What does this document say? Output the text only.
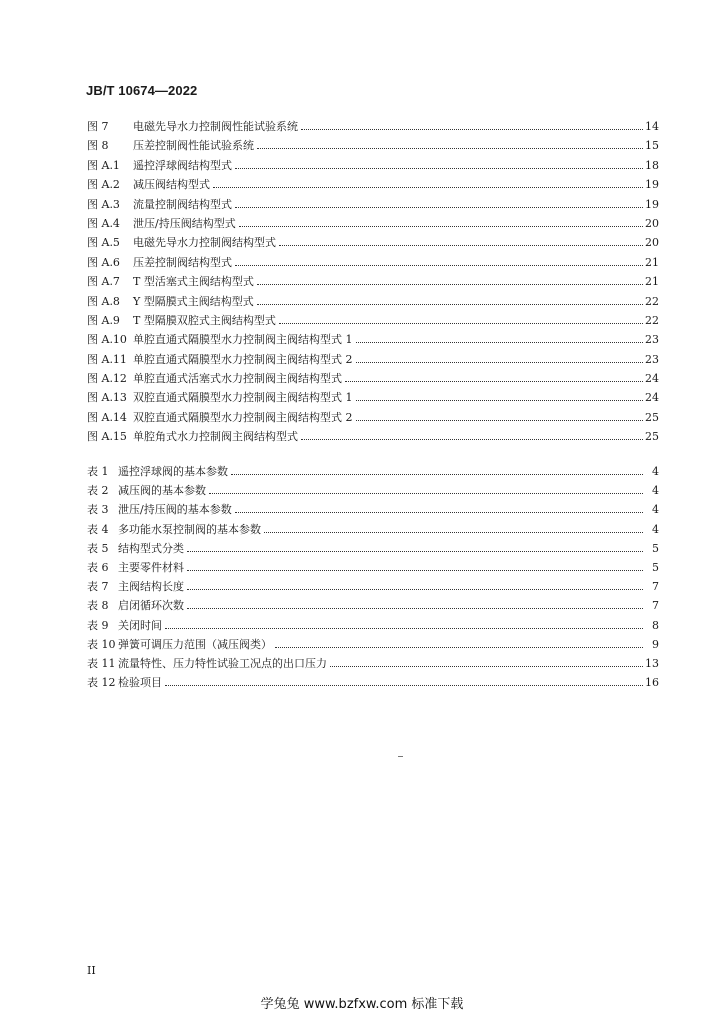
JB/T 10674—2022
图 7	电磁先导水力控制阀性能试验系统	14
图 8	压差控制阀性能试验系统	15
图 A.1	遥控浮球阀结构型式	18
图 A.2	减压阀结构型式	19
图 A.3	流量控制阀结构型式	19
图 A.4	泄压/持压阀结构型式	20
图 A.5	电磁先导水力控制阀结构型式	20
图 A.6	压差控制阀结构型式	21
图 A.7	T 型活塞式主阀结构型式	21
图 A.8	Y 型隔膜式主阀结构型式	22
图 A.9	T 型隔膜双腔式主阀结构型式	22
图 A.10 单腔直通式隔膜型水力控制阀主阀结构型式 1	23
图 A.11 单腔直通式隔膜型水力控制阀主阀结构型式 2	23
图 A.12 单腔直通式活塞式水力控制阀主阀结构型式	24
图 A.13 双腔直通式隔膜型水力控制阀主阀结构型式 1	24
图 A.14 双腔直通式隔膜型水力控制阀主阀结构型式 2	25
图 A.15 单腔角式水力控制阀主阀结构型式	25
表 1 遥控浮球阀的基本参数	4
表 2 减压阀的基本参数	4
表 3 泄压/持压阀的基本参数	4
表 4 多功能水泵控制阀的基本参数	4
表 5 结构型式分类	5
表 6 主要零件材料	5
表 7 主阀结构长度	7
表 8 启闭循环次数	7
表 9 关闭时间	8
表 10 弹簧可调压力范围（减压阀类）	9
表 11 流量特性、压力特性试验工况点的出口压力	13
表 12 检验项目	16
II
学兔兔 www.bzfxw.com 标准下载
